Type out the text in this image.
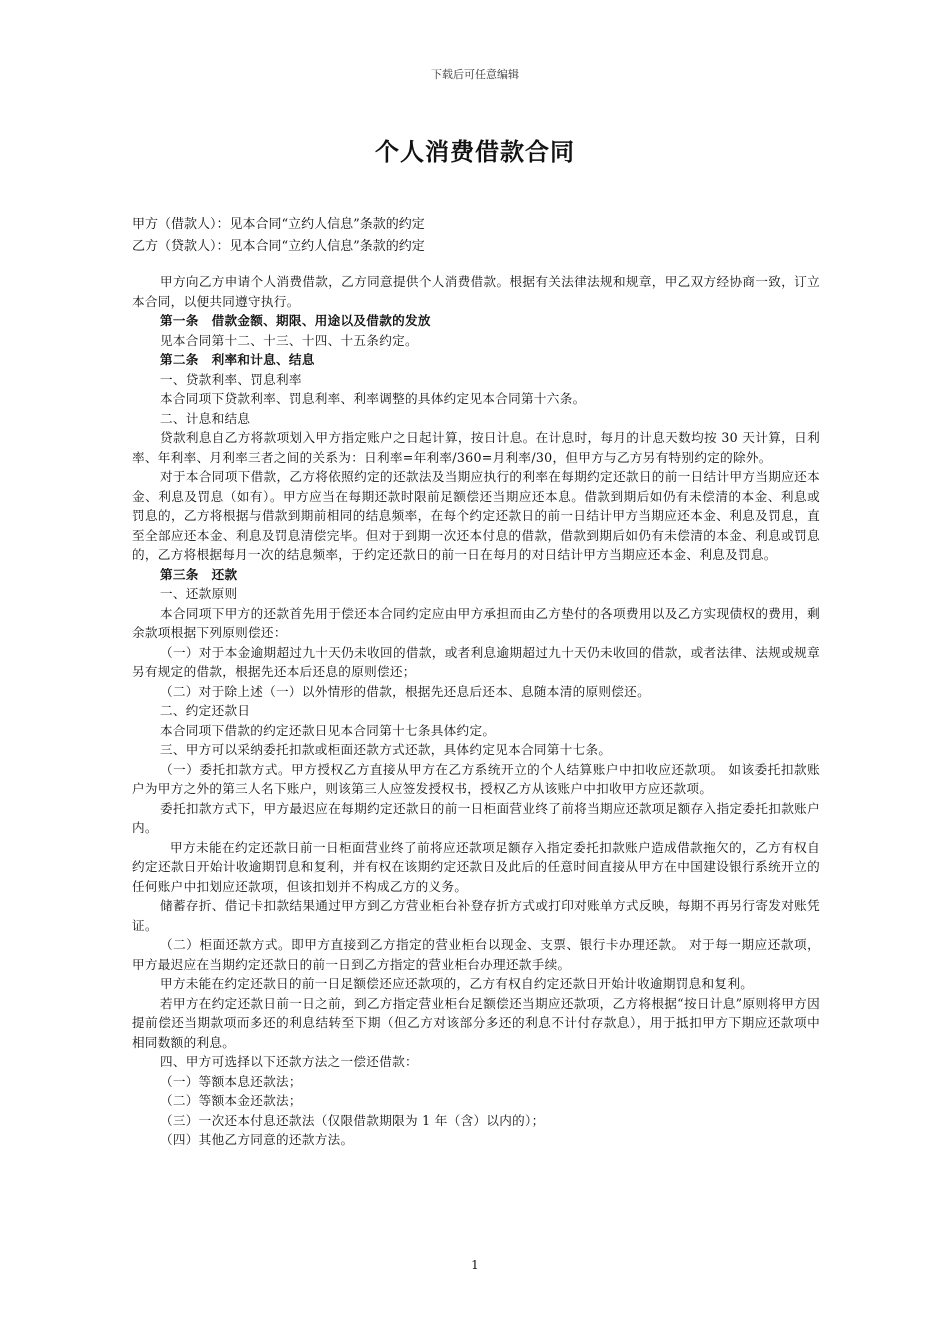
下载后可任意编辑
个人消费借款合同
甲方（借款人）：见本合同“立约人信息”条款的约定
乙方（贷款人）：见本合同“立约人信息”条款的约定
甲方向乙方申请个人消费借款，乙方同意提供个人消费借款。根据有关法律法规和规章，甲乙双方经协商一致，订立本合同，以便共同遵守执行。
第一条　借款金额、期限、用途以及借款的发放
见本合同第十二、十三、十四、十五条约定。
第二条　利率和计息、结息
一、贷款利率、罚息利率
本合同项下贷款利率、罚息利率、利率调整的具体约定见本合同第十六条。
二、计息和结息
贷款利息自乙方将款项划入甲方指定账户之日起计算，按日计息。在计息时，每月的计息天数均按 30 天计算，日利率、年利率、月利率三者之间的关系为：日利率=年利率/360=月利率/30，但甲方与乙方另有特别约定的除外。
对于本合同项下借款，乙方将依照约定的还款法及当期应执行的利率在每期约定还款日的前一日结计甲方当期应还本金、利息及罚息（如有）。甲方应当在每期还款时限前足额偿还当期应还本息。借款到期后如仍有未偿清的本金、利息或罚息的，乙方将根据与借款到期前相同的结息频率，在每个约定还款日的前一日结计甲方当期应还本金、利息及罚息，直至全部应还本金、利息及罚息清偿完毕。但对于到期一次还本付息的借款，借款到期后如仍有未偿清的本金、利息或罚息的，乙方将根据每月一次的结息频率，于约定还款日的前一日在每月的对日结计甲方当期应还本金、利息及罚息。
第三条　还款
一、还款原则
本合同项下甲方的还款首先用于偿还本合同约定应由甲方承担而由乙方垫付的各项费用以及乙方实现债权的费用，剩余款项根据下列原则偿还：
（一）对于本金逾期超过九十天仍未收回的借款，或者利息逾期超过九十天仍未收回的借款，或者法律、法规或规章另有规定的借款，根据先还本后还息的原则偿还；
（二）对于除上述（一）以外情形的借款，根据先还息后还本、息随本清的原则偿还。
二、约定还款日
本合同项下借款的约定还款日见本合同第十七条具体约定。
三、甲方可以采纳委托扣款或柜面还款方式还款，具体约定见本合同第十七条。
（一）委托扣款方式。甲方授权乙方直接从甲方在乙方系统开立的个人结算账户中扣收应还款项。 如该委托扣款账户为甲方之外的第三人名下账户，则该第三人应签发授权书，授权乙方从该账户中扣收甲方应还款项。
委托扣款方式下，甲方最迟应在每期约定还款日的前一日柜面营业终了前将当期应还款项足额存入指定委托扣款账户内。
甲方未能在约定还款日前一日柜面营业终了前将应还款项足额存入指定委托扣款账户造成借款拖欠的，乙方有权自约定还款日开始计收逾期罚息和复利，并有权在该期约定还款日及此后的任意时间直接从甲方在中国建设银行系统开立的任何账户中扣划应还款项，但该扣划并不构成乙方的义务。
储蓄存折、借记卡扣款结果通过甲方到乙方营业柜台补登存折方式或打印对账单方式反映，每期不再另行寄发对账凭证。
（二）柜面还款方式。即甲方直接到乙方指定的营业柜台以现金、支票、银行卡办理还款。 对于每一期应还款项，甲方最迟应在当期约定还款日的前一日到乙方指定的营业柜台办理还款手续。
甲方未能在约定还款日的前一日足额偿还应还款项的，乙方有权自约定还款日开始计收逾期罚息和复利。
若甲方在约定还款日前一日之前，到乙方指定营业柜台足额偿还当期应还款项，乙方将根据“按日计息”原则将甲方因提前偿还当期款项而多还的利息结转至下期（但乙方对该部分多还的利息不计付存款息），用于抵扣甲方下期应还款项中相同数额的利息。
四、甲方可选择以下还款方法之一偿还借款：
（一）等额本息还款法；
（二）等额本金还款法；
（三）一次还本付息还款法（仅限借款期限为 1 年（含）以内的）；
（四）其他乙方同意的还款方法。
1
